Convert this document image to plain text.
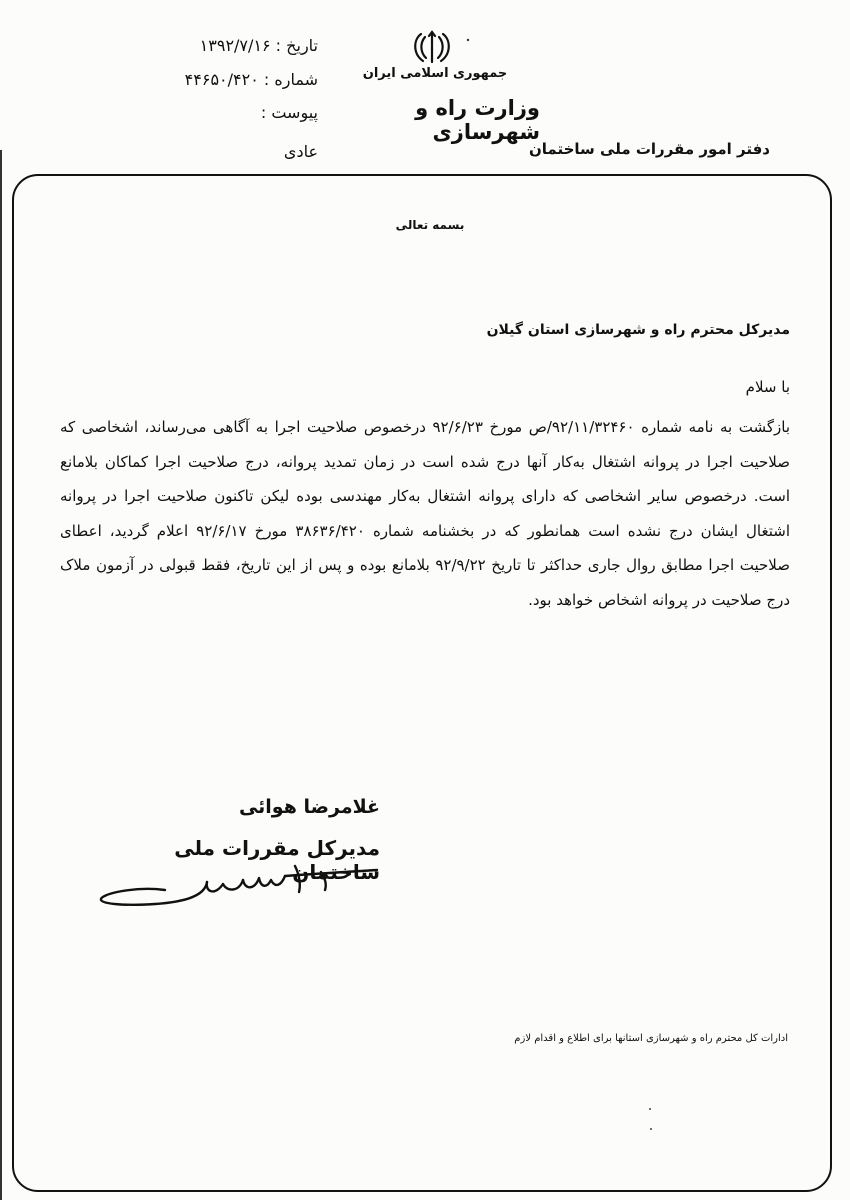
جمهوری اسلامی ایران
وزارت راه و شهرسازی
دفتر امور مقررات ملی ساختمان
تاریخ : ۱۳۹۲/۷/۱۶
شماره : ۴۴۶۵۰/۴۲۰
پیوست :
عادی
بسمه تعالی
مدیرکل محترم راه و شهرسازی استان گیلان
با سلام
بازگشت به نامه شماره ۹۲/۱۱/۳۲۴۶۰/ص مورخ ۹۲/۶/۲۳ درخصوص صلاحیت اجرا به آگاهی می‌رساند، اشخاصی که صلاحیت اجرا در پروانه اشتغال به‌کار آنها درج شده است در زمان تمدید پروانه، درج صلاحیت اجرا کماکان بلامانع است. درخصوص سایر اشخاصی که دارای پروانه اشتغال به‌کار مهندسی بوده لیکن تاکنون صلاحیت اجرا در پروانه اشتغال ایشان درج نشده است همانطور که در بخشنامه شماره ۳۸۶۳۶/۴۲۰ مورخ ۹۲/۶/۱۷ اعلام گردید، اعطای صلاحیت اجرا مطابق روال جاری حداکثر تا تاریخ ۹۲/۹/۲۲ بلامانع بوده و پس از این تاریخ، فقط قبولی در آزمون ملاک درج صلاحیت در پروانه اشخاص خواهد بود.
غلامرضا هوائی
مدیرکل مقررات ملی ساختمان
ادارات کل محترم راه و شهرسازی استانها برای اطلاع و اقدام لازم
